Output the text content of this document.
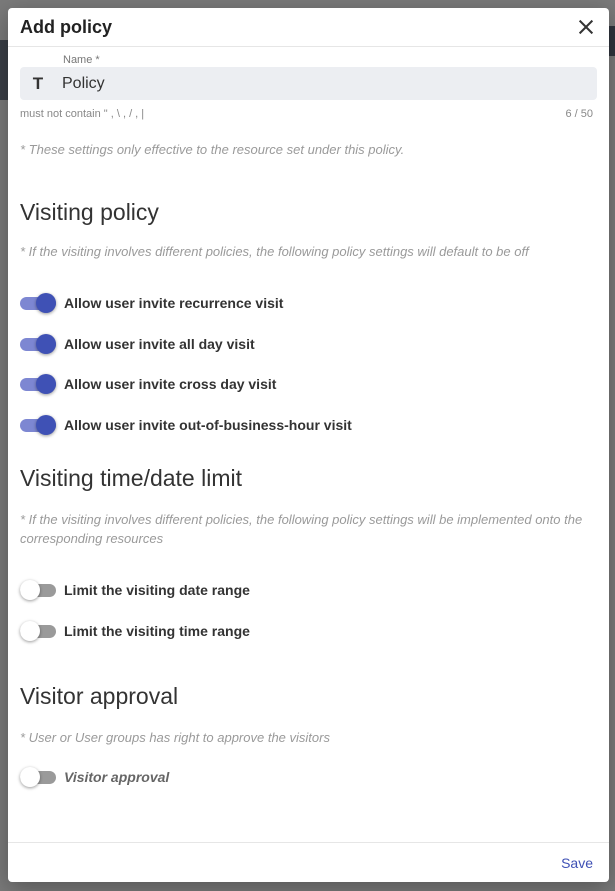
Add policy
Name *
T
Policy
must not contain " , \ , / , |	6 / 50
* These settings only effective to the resource set under this policy.
Visiting policy
* If the visiting involves different policies, the following policy settings will default to be off
Allow user invite recurrence visit
Allow user invite all day visit
Allow user invite cross day visit
Allow user invite out-of-business-hour visit
Visiting time/date limit
* If the visiting involves different policies, the following policy settings will be implemented onto the corresponding resources
Limit the visiting date range
Limit the visiting time range
Visitor approval
* User or User groups has right to approve the visitors
Visitor approval
Save
